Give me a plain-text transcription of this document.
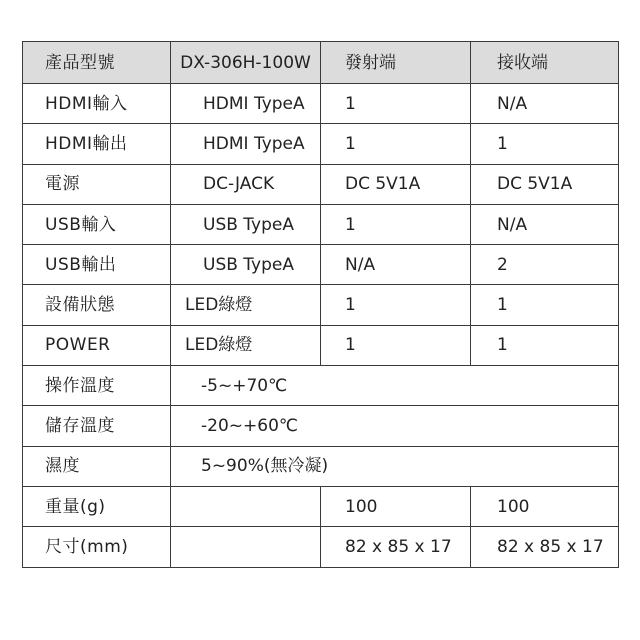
產品型號	DX-306H-100W	發射端	接收端
HDMI輸入	HDMI TypeA	1	N/A
HDMI輸出	HDMI TypeA	1	1
電源	DC-JACK	DC 5V1A	DC 5V1A
USB輸入	USB TypeA	1	N/A
USB輸出	USB TypeA	N/A	2
設備狀態	LED綠燈	1	1
POWER	LED綠燈	1	1
操作溫度	-5~+70℃		
儲存溫度	-20~+60℃		
濕度	5~90%(無冷凝)		
重量(g)		100	100
尺寸(mm)		82 x 85 x 17	82 x 85 x 17
